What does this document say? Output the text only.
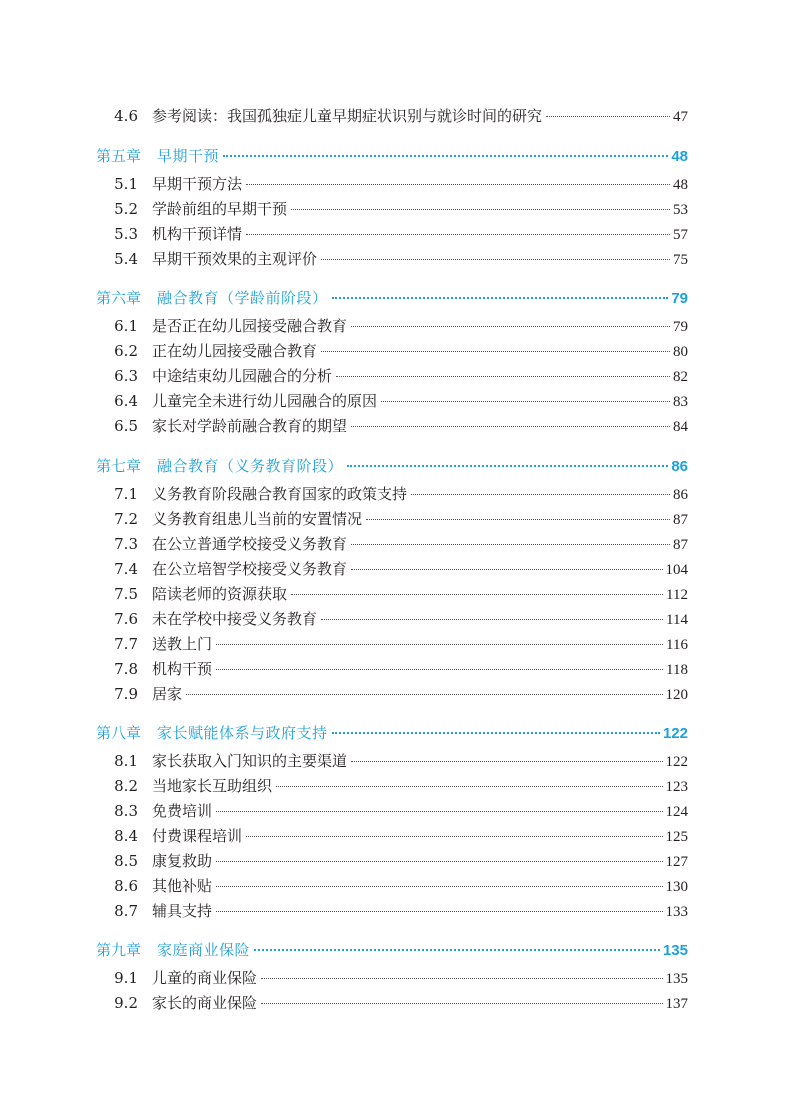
4.6 参考阅读：我国孤独症儿童早期症状识别与就诊时间的研究	47
第五章	早期干预	48
5.1 早期干预方法	48
5.2 学龄前组的早期干预	53
5.3 机构干预详情	57
5.4 早期干预效果的主观评价	75
第六章	融合教育（学龄前阶段）	79
6.1 是否正在幼儿园接受融合教育	79
6.2 正在幼儿园接受融合教育	80
6.3 中途结束幼儿园融合的分析	82
6.4 儿童完全未进行幼儿园融合的原因	83
6.5 家长对学龄前融合教育的期望	84
第七章	融合教育（义务教育阶段）	86
7.1 义务教育阶段融合教育国家的政策支持	86
7.2 义务教育组患儿当前的安置情况	87
7.3 在公立普通学校接受义务教育	87
7.4 在公立培智学校接受义务教育	104
7.5 陪读老师的资源获取	112
7.6 未在学校中接受义务教育	114
7.7 送教上门	116
7.8 机构干预	118
7.9 居家	120
第八章	家长赋能体系与政府支持	122
8.1 家长获取入门知识的主要渠道	122
8.2 当地家长互助组织	123
8.3 免费培训	124
8.4 付费课程培训	125
8.5 康复救助	127
8.6 其他补贴	130
8.7 辅具支持	133
第九章	家庭商业保险	135
9.1 儿童的商业保险	135
9.2 家长的商业保险	137
